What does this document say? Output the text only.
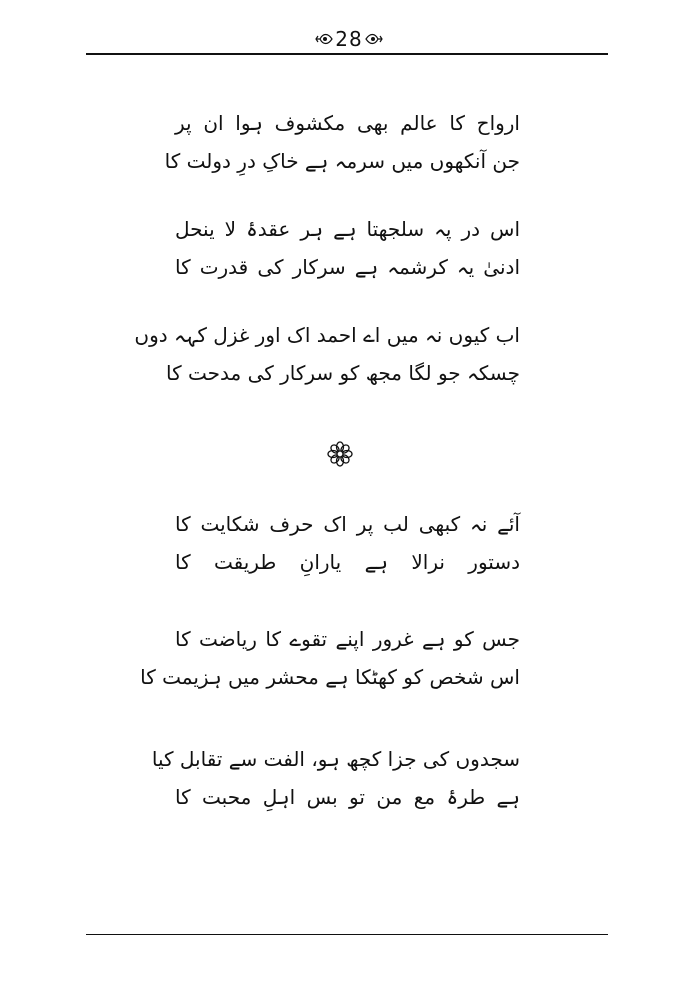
28
ارواح کا عالم بھی مکشوف ہوا ان پر
جن آنکھوں میں سرمہ ہے خاکِ درِ دولت کا
اس در پہ سلجھتا ہے ہر عقدۂ لا ینحل
ادنیٰ یہ کرشمہ ہے سرکار کی قدرت کا
اب کیوں نہ میں اے احمد اک اور غزل کہہ دوں
چسکہ جو لگا مجھ کو سرکار کی مدحت کا
آئے نہ کبھی لب پر اک حرف شکایت کا
دستور نرالا ہے یارانِ طریقت کا
جس کو ہے غرور اپنے تقوے کا ریاضت کا
اس شخص کو کھٹکا ہے محشر میں ہزیمت کا
سجدوں کی جزا کچھ ہو، الفت سے تقابل کیا
ہے طرۂ مع من تو بس اہلِ محبت کا
